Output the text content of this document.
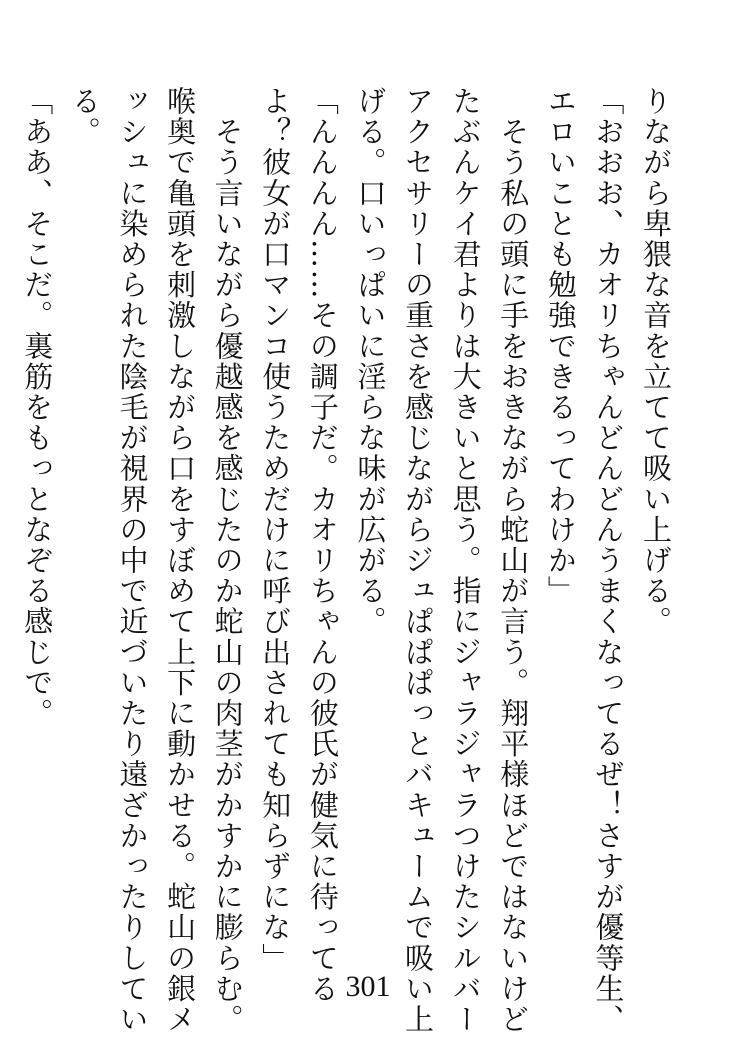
りながら卑猥な音を立てて吸い上げる。
「おおお、カオリちゃんどんどんうまくなってるぜ！さすが優等生、
エロいことも勉強できるってわけか」
　そう私の頭に手をおきながら蛇山が言う。翔平様ほどではないけど
たぶんケイ君よりは大きいと思う。指にジャラジャラつけたシルバー
アクセサリーの重さを感じながらジュぱぱぱっとバキュームで吸い上
げる。口いっぱいに淫らな味が広がる。
「んんんん……その調子だ。カオリちゃんの彼氏が健気に待ってる
よ？彼女が口マンコ使うためだけに呼び出されても知らずにな」
　そう言いながら優越感を感じたのか蛇山の肉茎がかすかに膨らむ。
喉奥で亀頭を刺激しながら口をすぼめて上下に動かせる。蛇山の銀メ
ッシュに染められた陰毛が視界の中で近づいたり遠ざかったりしてい
る。
「ああ、そこだ。裏筋をもっとなぞる感じで。
301
